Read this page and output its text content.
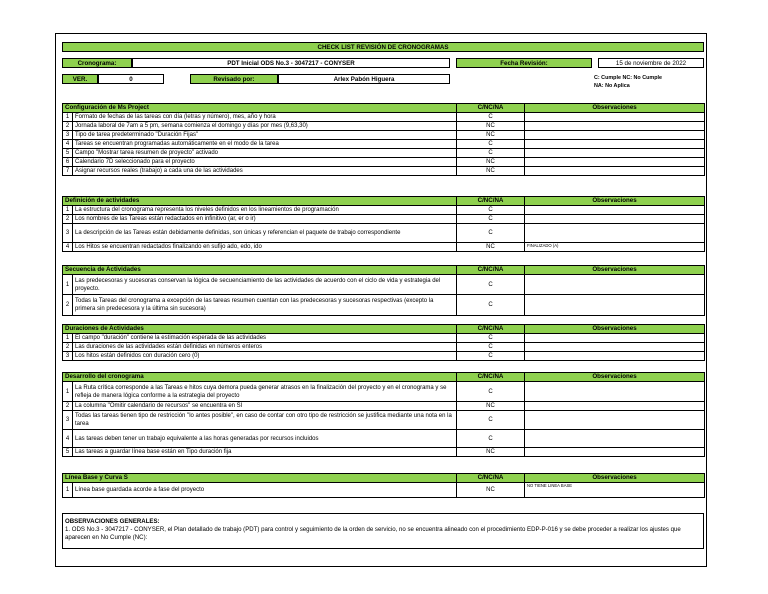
CHECK LIST REVISIÓN DE CRONOGRAMAS
Cronograma:	PDT Inicial ODS No.3 - 3047217 - CONYSER	Fecha Revisión:	15 de noviembre de 2022
VER.	0	Revisado por:	Arlex Pabón Higuera	C: Cumple NC: No Cumple
NA: No Aplica
Configuración de Ms Project		C/NC/NA	Observaciones
1	Formato de fechas de las tareas con día (letras y número), mes, año y hora	C	
2	Jornada laboral de 7am a 5 pm, semana comienza el domingo y días por mes (9,63,30)	NC	
3	Tipo de tarea predeterminado "Duración Fijas"	NC	
4	Tareas se encuentran programadas automáticamente en el modo de la tarea	C	
5	Campo "Mostrar tarea resumen de proyecto" activado	C	
6	Calendario 7D seleccionado para el proyecto	NC	
7	Asignar recursos reales (trabajo) a cada una de las actividades	NC	
Definición de actividades		C/NC/NA	Observaciones
1	La estructura del cronograma representa los niveles definidos en los lineamientos de programación	C	
2	Los nombres de las Tareas están redactados en infinitivo (ar, er o ir)	C	
3	La descripción de las Tareas están debidamente definidas, son únicas y referencian el paquete de trabajo correspondiente	C	
4	Los Hitos se encuentran redactados finalizando en sufijo ado, edo, ido	NC	FINALIZADO (A)
Secuencia de Actividades		C/NC/NA	Observaciones
1	Las predecesoras y sucesoras conservan la lógica de secuenciamiento de las actividades de acuerdo con el ciclo de vida y estrategia del proyecto.	C	
2	Todas la Tareas del cronograma a excepción de las tareas resumen cuentan con las predecesoras y sucesoras respectivas (excepto la primera sin predecesora y la última sin sucesora)	C	
Duraciones de Actividades		C/NC/NA	Observaciones
1	El campo "duración" contiene la estimación esperada de las actividades	C	
2	Las duraciones de las actividades están definidas en números enteros	C	
3	Los hitos están definidos con duración cero (0)	C	
Desarrollo del cronograma		C/NC/NA	Observaciones
1	La Ruta crítica corresponde a las Tareas e hitos cuya demora pueda generar atrasos en la finalización del proyecto y en el cronograma y se refleja de manera lógica conforme a la estrategia del proyecto	C	
2	La columna "Omitir calendario de recursos" se encuentra en SI	NC	
3	Todas las tareas tienen tipo de restricción "lo antes posible", en caso de contar con otro tipo de restricción se justifica mediante una nota en la tarea	C	
4	Las tareas deben tener un trabajo equivalente a las horas generadas por recursos incluidos	C	
5	Las tareas a guardar línea base están en Tipo duración fija	NC	
Línea Base y Curva S		C/NC/NA	Observaciones
1	Línea base guardada acorde a fase del proyecto	NC	NO TIENE LINEA BASE
OBSERVACIONES GENERALES:
1. ODS No.3 - 3047217 - CONYSER, el Plan detallado de trabajo (PDT) para control y seguimiento de la orden de servicio, no se encuentra alineado con el procedimiento EDP-P-016 y se debe proceder a realizar los ajustes que aparecen en No Cumple (NC):
